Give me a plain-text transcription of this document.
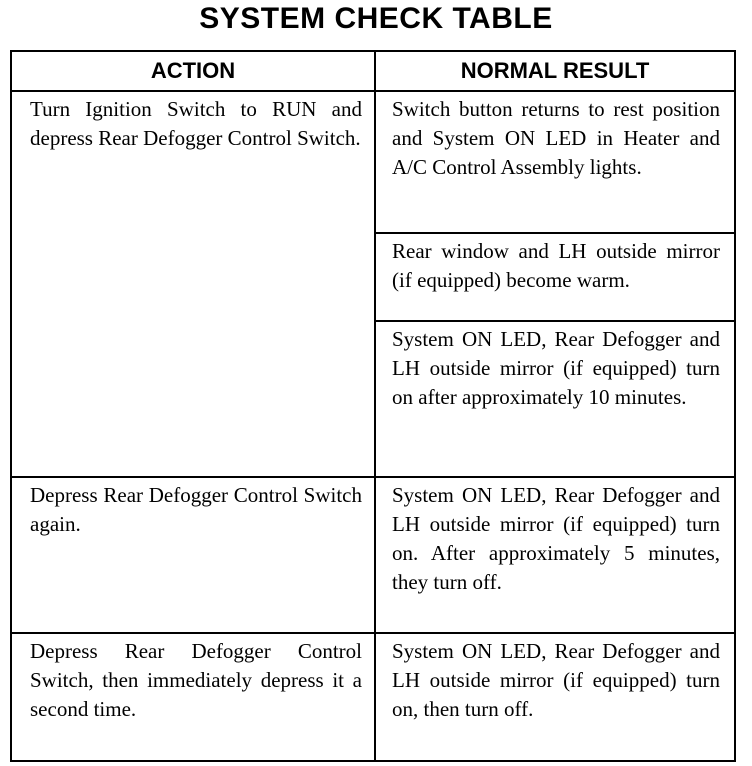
SYSTEM CHECK TABLE
ACTION	NORMAL RESULT
Turn Ignition Switch to RUN and depress Rear Defogger Control Switch.	Switch button returns to rest position and System ON LED in Heater and A/C Control Assembly lights.
	Rear window and LH outside mirror (if equipped) become warm.
	System ON LED, Rear Defogger and LH outside mirror (if equipped) turn on after approximately 10 minutes.
Depress Rear Defogger Control Switch again.	System ON LED, Rear Defogger and LH outside mirror (if equipped) turn on. After approximately 5 minutes, they turn off.
Depress Rear Defogger Control Switch, then immediately depress it a second time.	System ON LED, Rear Defogger and LH outside mirror (if equipped) turn on, then turn off.
